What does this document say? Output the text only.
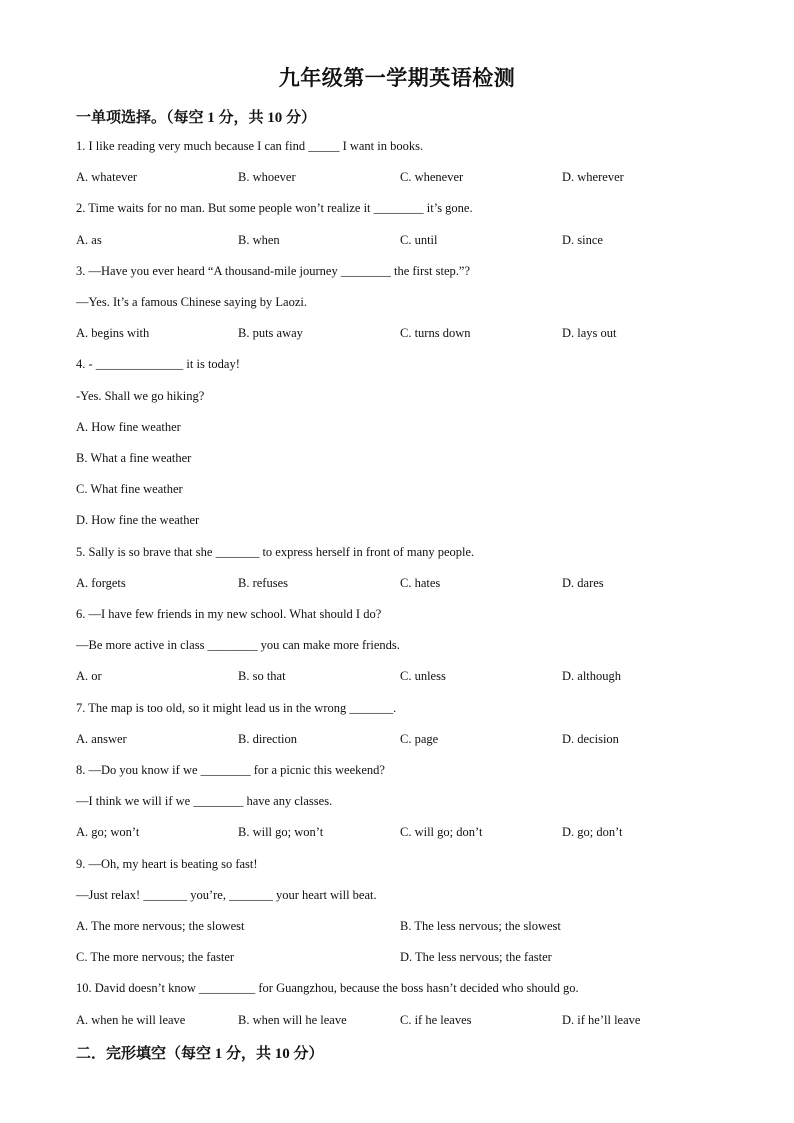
九年级第一学期英语检测
一单项选择。（每空 1 分，共 10 分）
1. I like reading very much because I can find _____ I want in books.
A. whatever	B. whoever	C. whenever	D. wherever
2. Time waits for no man. But some people won’t realize it ________ it’s gone.
A. as	B. when	C. until	D. since
3. —Have you ever heard “A thousand-mile journey ________ the first step.”?
—Yes. It’s a famous Chinese saying by Laozi.
A. begins with	B. puts away	C. turns down	D. lays out
4. - ______________ it is today!
-Yes. Shall we go hiking?
A. How fine weather
B. What a fine weather
C. What fine weather
D. How fine the weather
5. Sally is so brave that she _______ to express herself in front of many people.
A. forgets	B. refuses	C. hates	D. dares
6. —I have few friends in my new school. What should I do?
—Be more active in class ________ you can make more friends.
A. or	B. so that	C. unless	D. although
7. The map is too old, so it might lead us in the wrong _______.
A. answer	B. direction	C. page	D. decision
8. —Do you know if we ________ for a picnic this weekend?
—I think we will if we ________ have any classes.
A. go; won’t	B. will go; won’t	C. will go; don’t	D. go; don’t
9. —Oh, my heart is beating so fast!
—Just relax! _______ you’re, _______ your heart will beat.
A. The more nervous; the slowest	B. The less nervous; the slowest
C. The more nervous; the faster	D. The less nervous; the faster
10. David doesn’t know _________ for Guangzhou, because the boss hasn’t decided who should go.
A. when he will leave	B. when will he leave	C. if he leaves	D. if he’ll leave
二．完形填空（每空 1 分，共 10 分）
